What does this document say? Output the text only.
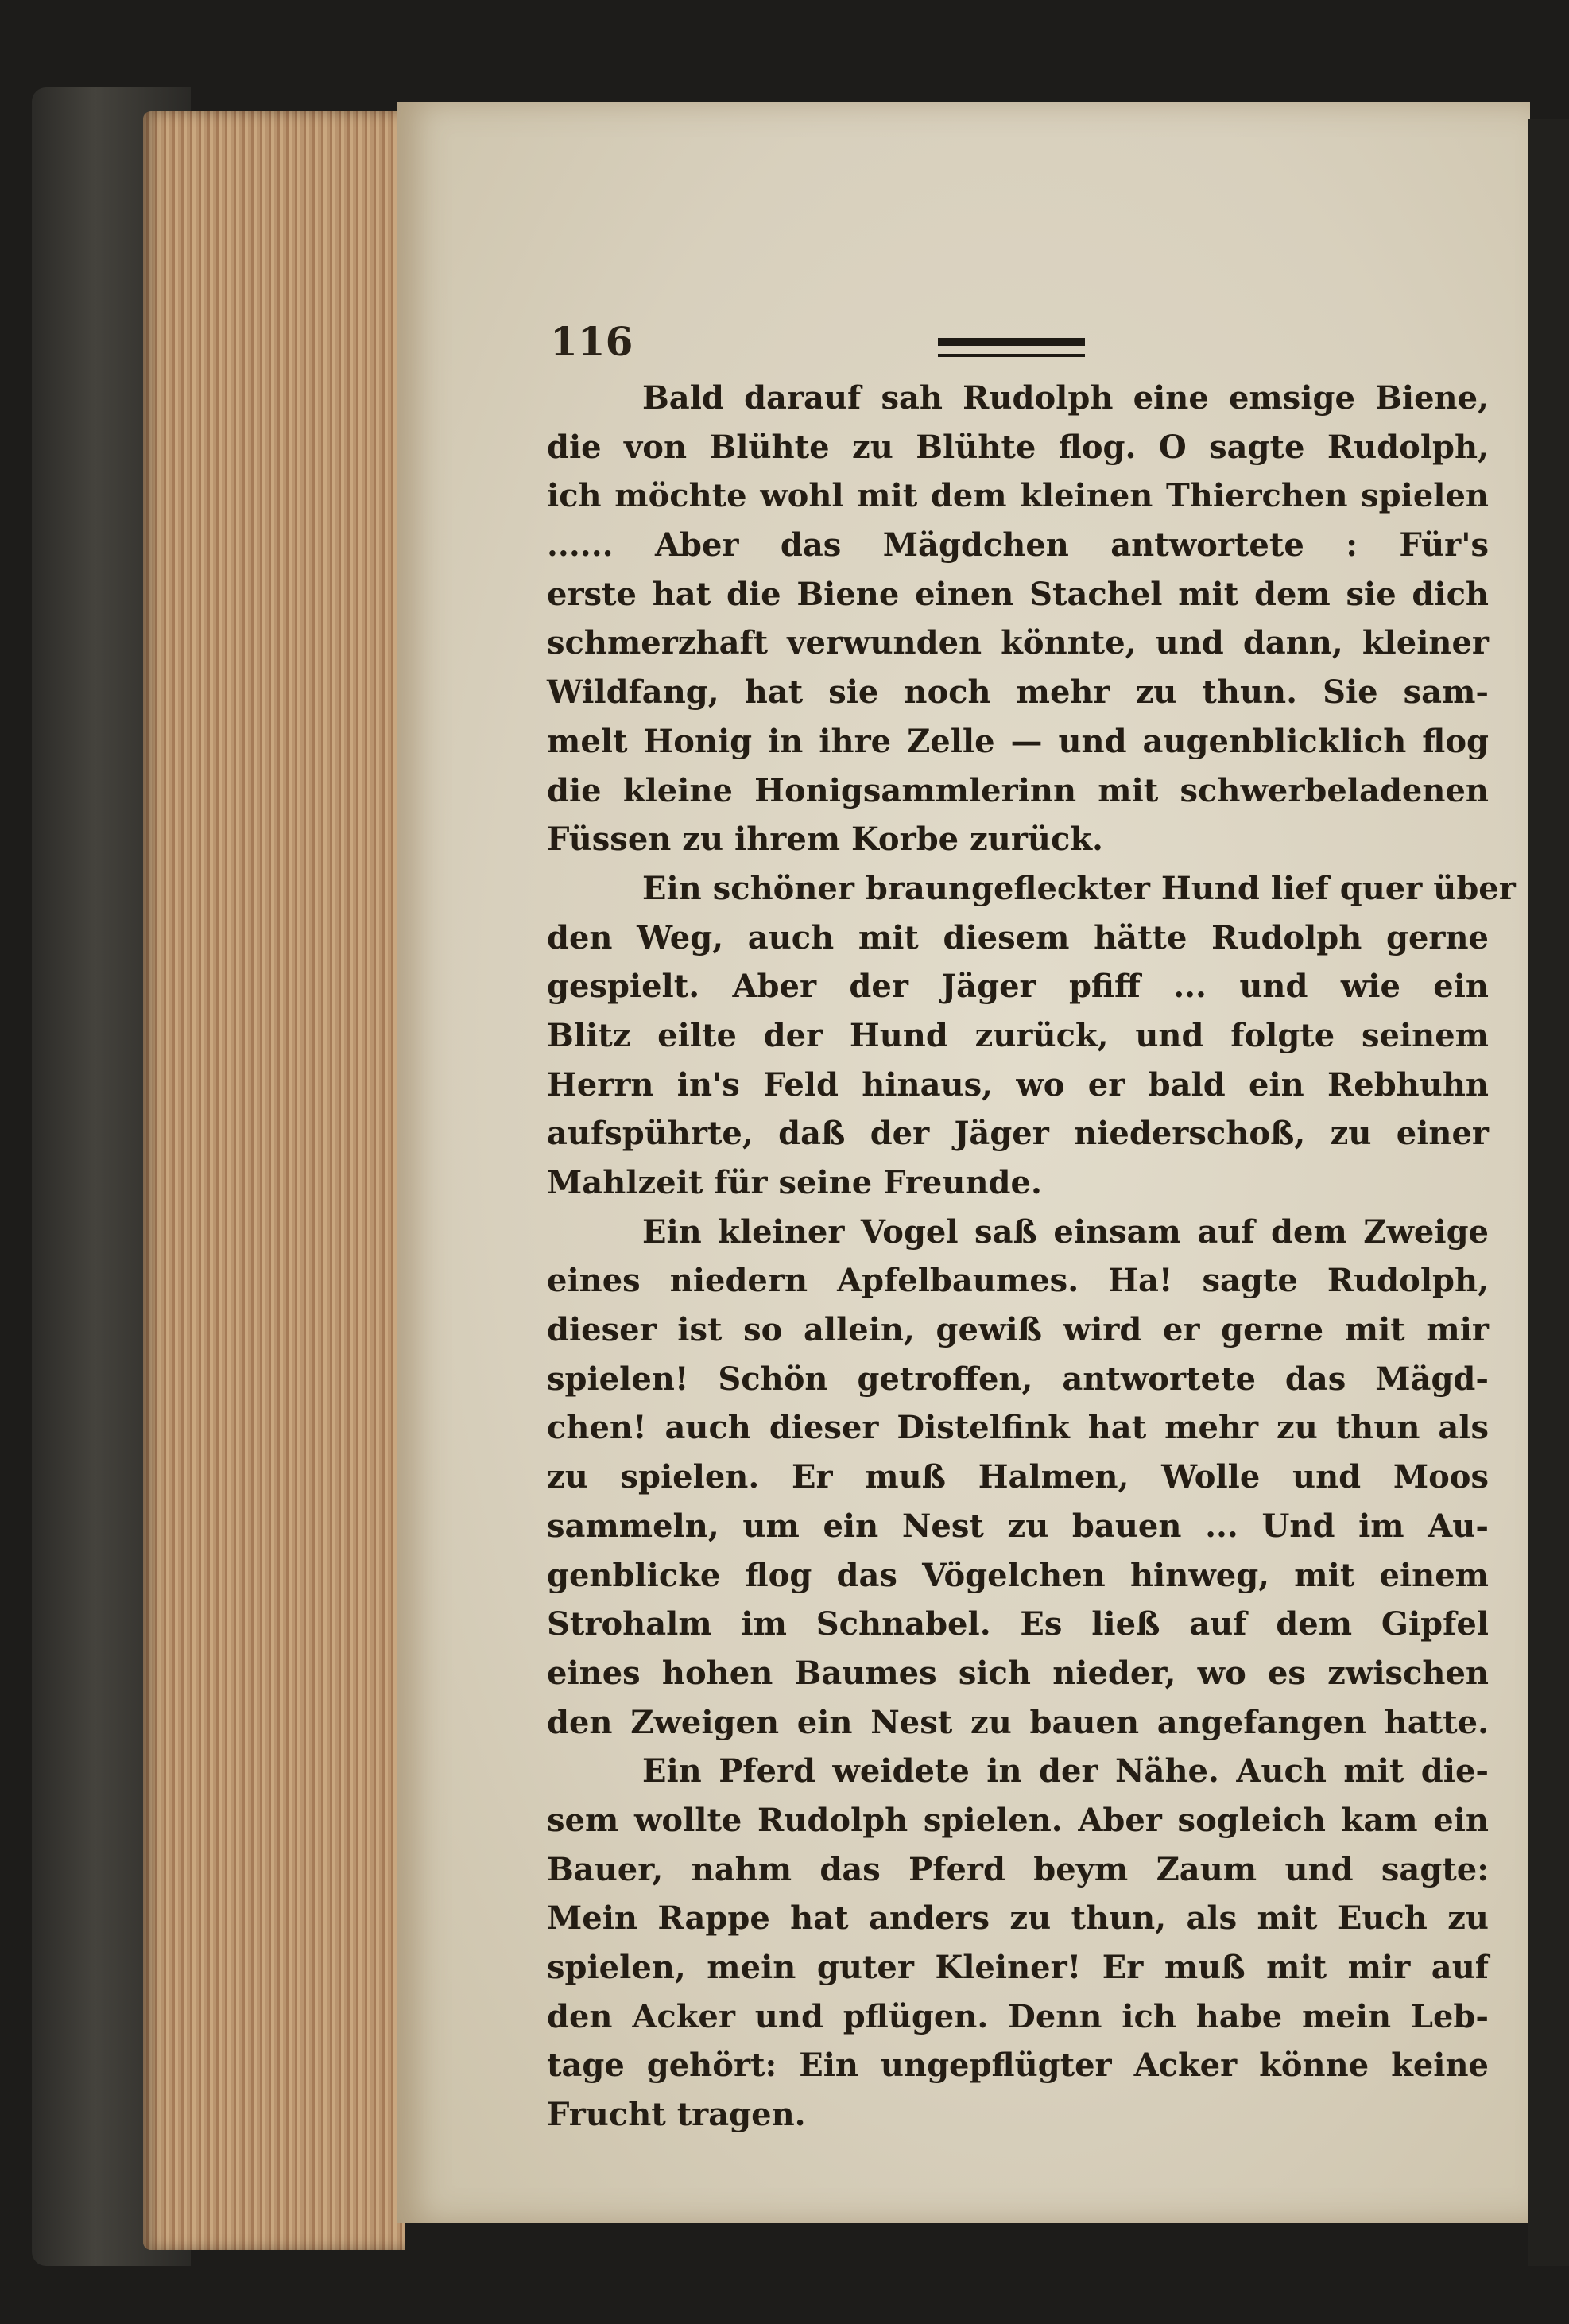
116
Bald darauf sah Rudolph eine emsige Biene,
die von Blühte zu Blühte flog. O sagte Rudolph,
ich möchte wohl mit dem kleinen Thierchen spielen
...... Aber das Mägdchen antwortete : Für's
erste hat die Biene einen Stachel mit dem sie dich
schmerzhaft verwunden könnte, und dann, kleiner
Wildfang, hat sie noch mehr zu thun. Sie sam-
melt Honig in ihre Zelle — und augenblicklich flog
die kleine Honigsammlerinn mit schwerbeladenen
Füssen zu ihrem Korbe zurück.
Ein schöner braungefleckter Hund lief quer über
den Weg, auch mit diesem hätte Rudolph gerne
gespielt. Aber der Jäger pfiff ... und wie ein
Blitz eilte der Hund zurück, und folgte seinem
Herrn in's Feld hinaus, wo er bald ein Rebhuhn
aufspührte, daß der Jäger niederschoß, zu einer
Mahlzeit für seine Freunde.
Ein kleiner Vogel saß einsam auf dem Zweige
eines niedern Apfelbaumes. Ha! sagte Rudolph,
dieser ist so allein, gewiß wird er gerne mit mir
spielen! Schön getroffen, antwortete das Mägd-
chen! auch dieser Distelfink hat mehr zu thun als
zu spielen. Er muß Halmen, Wolle und Moos
sammeln, um ein Nest zu bauen ... Und im Au-
genblicke flog das Vögelchen hinweg, mit einem
Strohalm im Schnabel. Es ließ auf dem Gipfel
eines hohen Baumes sich nieder, wo es zwischen
den Zweigen ein Nest zu bauen angefangen hatte.
Ein Pferd weidete in der Nähe. Auch mit die-
sem wollte Rudolph spielen. Aber sogleich kam ein
Bauer, nahm das Pferd beym Zaum und sagte:
Mein Rappe hat anders zu thun, als mit Euch zu
spielen, mein guter Kleiner! Er muß mit mir auf
den Acker und pflügen. Denn ich habe mein Leb-
tage gehört: Ein ungepflügter Acker könne keine
Frucht tragen.
